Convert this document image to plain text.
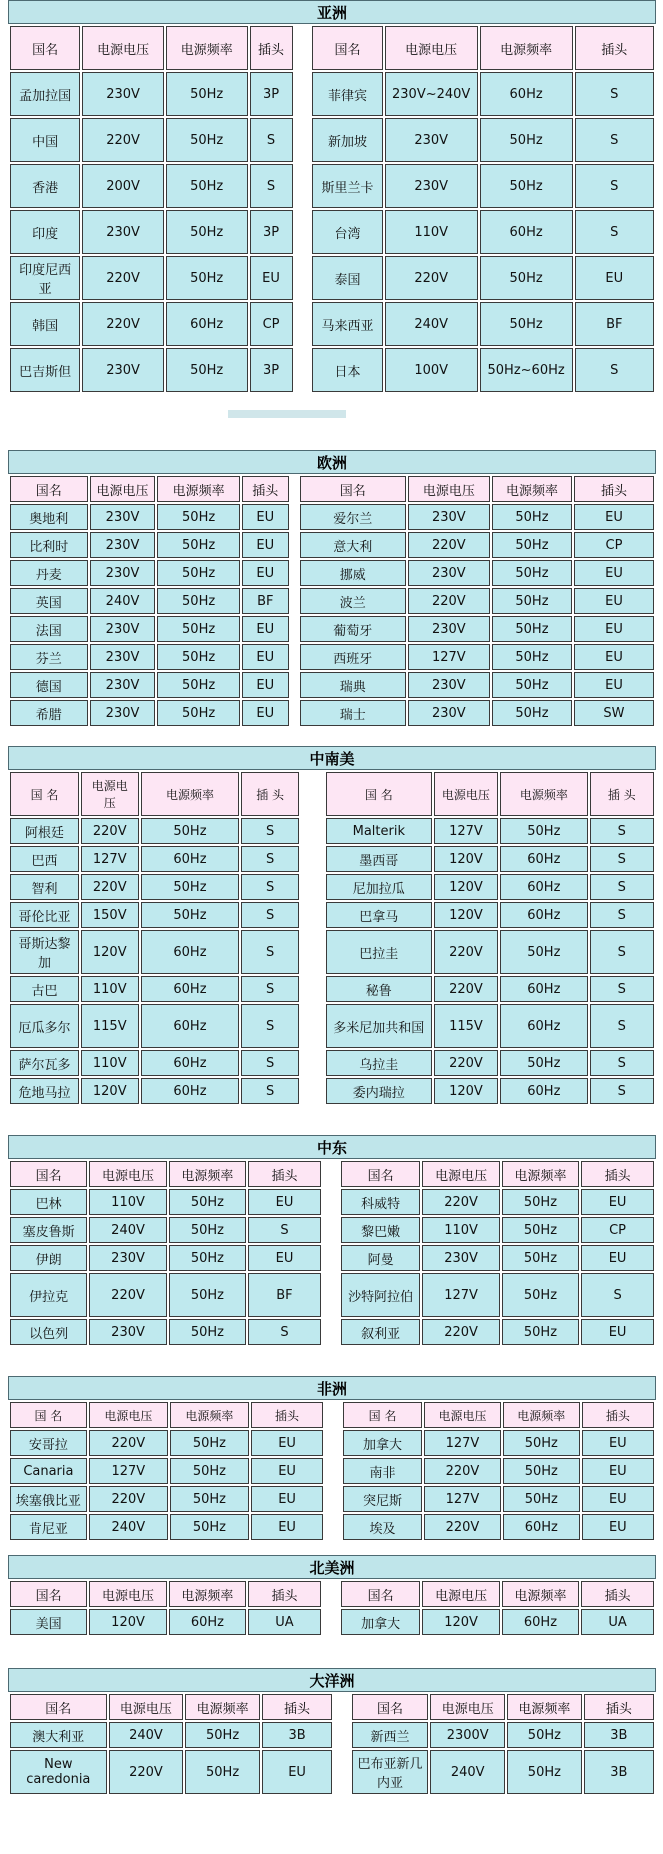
亚洲
国名	电源电压	电源频率	插头		国名	电源电压	电源频率	插头
孟加拉国	230V	50Hz	3P		菲律宾	230V~240V	60Hz	S
中国	220V	50Hz	S		新加坡	230V	50Hz	S
香港	200V	50Hz	S		斯里兰卡	230V	50Hz	S
印度	230V	50Hz	3P		台湾	110V	60Hz	S
印度尼西亚	220V	50Hz	EU		泰国	220V	50Hz	EU
韩国	220V	60Hz	CP		马来西亚	240V	50Hz	BF
巴吉斯但	230V	50Hz	3P		日本	100V	50Hz~60Hz	S
欧洲
国名	电源电压	电源频率	插头		国名	电源电压	电源频率	插头
奥地利	230V	50Hz	EU		爱尔兰	230V	50Hz	EU
比利时	230V	50Hz	EU		意大利	220V	50Hz	CP
丹麦	230V	50Hz	EU		挪威	230V	50Hz	EU
英国	240V	50Hz	BF		波兰	220V	50Hz	EU
法国	230V	50Hz	EU		葡萄牙	230V	50Hz	EU
芬兰	230V	50Hz	EU		西班牙	127V	50Hz	EU
德国	230V	50Hz	EU		瑞典	230V	50Hz	EU
希腊	230V	50Hz	EU		瑞士	230V	50Hz	SW
中南美
国 名	电源电压	电源频率	插 头		国 名	电源电压	电源频率	插 头
阿根廷	220V	50Hz	S		Malterik	127V	50Hz	S
巴西	127V	60Hz	S		墨西哥	120V	60Hz	S
智利	220V	50Hz	S		尼加拉瓜	120V	60Hz	S
哥伦比亚	150V	50Hz	S		巴拿马	120V	60Hz	S
哥斯达黎加	120V	60Hz	S		巴拉圭	220V	50Hz	S
古巴	110V	60Hz	S		秘鲁	220V	60Hz	S
厄瓜多尔	115V	60Hz	S		多米尼加共和国	115V	60Hz	S
萨尔瓦多	110V	60Hz	S		乌拉圭	220V	50Hz	S
危地马拉	120V	60Hz	S		委内瑞拉	120V	60Hz	S
中东
国名	电源电压	电源频率	插头		国名	电源电压	电源频率	插头
巴林	110V	50Hz	EU		科威特	220V	50Hz	EU
塞皮鲁斯	240V	50Hz	S		黎巴嫩	110V	50Hz	CP
伊朗	230V	50Hz	EU		阿曼	230V	50Hz	EU
伊拉克	220V	50Hz	BF		沙特阿拉伯	127V	50Hz	S
以色列	230V	50Hz	S		叙利亚	220V	50Hz	EU
非洲
国 名	电源电压	电源频率	插头		国 名	电源电压	电源频率	插头
安哥拉	220V	50Hz	EU		加拿大	127V	50Hz	EU
Canaria	127V	50Hz	EU		南非	220V	50Hz	EU
埃塞俄比亚	220V	50Hz	EU		突尼斯	127V	50Hz	EU
肯尼亚	240V	50Hz	EU		埃及	220V	60Hz	EU
北美洲
国名	电源电压	电源频率	插头		国名	电源电压	电源频率	插头
美国	120V	60Hz	UA		加拿大	120V	60Hz	UA
大洋洲
国名	电源电压	电源频率	插头		国名	电源电压	电源频率	插头
澳大利亚	240V	50Hz	3B		新西兰	2300V	50Hz	3B
New caredonia	220V	50Hz	EU		巴布亚新几内亚	240V	50Hz	3B
